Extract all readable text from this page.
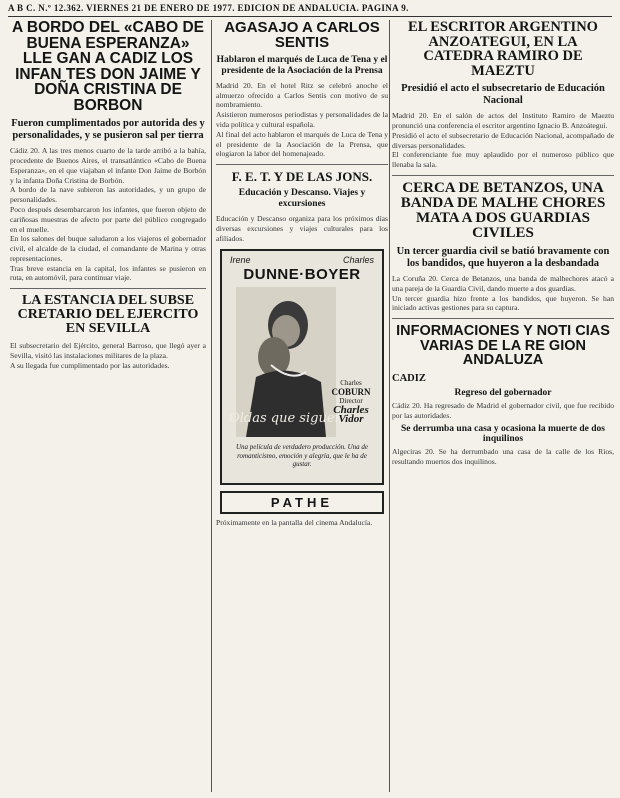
A B C. N.º 12.362. VIERNES 21 DE ENERO DE 1977. EDICION DE ANDALUCIA. PAGINA 9.
A BORDO DEL «CABO DE BUENA ESPERANZA» LLE GAN A CADIZ LOS INFAN TES DON JAIME Y DOÑA CRISTINA DE BORBON
Fueron cumplimentados por autorida des y personalidades, y se pusieron sal per tierra
Cádiz 20. A las tres menos cuarto de la tarde arribó a la bahía, procedente de Buenos Aires, el transatlántico «Cabo de Buena Esperanza», en el que viajaban el infante Don Jaime de Borbón y la infanta Doña Cristina de Borbón.
A bordo de la nave subieron las autoridades, y un grupo de personalidades.
Poco después desembarcaron los infantes, que fueron objeto de cariñosas muestras de afecto por parte del público congregado en el muelle.
En los salones del buque saludaron a los viajeros el gobernador civil, el alcalde de la ciudad, el comandante de Marina y otras representaciones.
Tras breve estancia en la capital, los infantes se pusieron en ruta, en automóvil, para continuar viaje.
LA ESTANCIA DEL SUBSE CRETARIO DEL EJERCITO EN SEVILLA
El subsecretario del Ejército, general Barroso, que llegó ayer a Sevilla, visitó las instalaciones militares de la plaza.
A su llegada fue cumplimentado por las autoridades.
AGASAJO A CARLOS SENTIS
Hablaron el marqués de Luca de Tena y el presidente de la Asociación de la Prensa
Madrid 20. En el hotel Ritz se celebró anoche el almuerzo ofrecido a Carlos Sentís con motivo de su nombramiento.
Asistieron numerosos periodistas y personalidades de la vida política y cultural española.
Al final del acto hablaron el marqués de Luca de Tena y el presidente de la Asociación de la Prensa, que elogiaron la labor del homenajeado.
F. E. T. Y DE LAS JONS.
Educación y Descanso. Viajes y excursiones
Educación y Descanso organiza para los próximos días diversas excursiones y viajes culturales para los afiliados.
Irene	Charles
DUNNE·BOYER
Oldas que siguen
Charles
COBURN
Director
Charles Vidor
Una película de verdadero producción. Una de romanticismo, emoción y alegría, que le ha de gustar.
PATHE
Próximamente en la pantalla del cinema Andalucía.
EL ESCRITOR ARGENTINO ANZOATEGUI, EN LA CATEDRA RAMIRO DE MAEZTU
Presidió el acto el subsecretario de Educación Nacional
Madrid 20. En el salón de actos del Instituto Ramiro de Maeztu pronunció una conferencia el escritor argentino Ignacio B. Anzoátegui.
Presidió el acto el subsecretario de Educación Nacional, acompañado de diversas personalidades.
El conferenciante fue muy aplaudido por el numeroso público que llenaba la sala.
CERCA DE BETANZOS, UNA BANDA DE MALHE CHORES MATA A DOS GUARDIAS CIVILES
Un tercer guardia civil se batió bravamente con los bandidos, que huyeron a la desbandada
La Coruña 20. Cerca de Betanzos, una banda de malhechores atacó a una pareja de la Guardia Civil, dando muerte a dos guardias.
Un tercer guardia hizo frente a los bandidos, que huyeron. Se han iniciado activas gestiones para su captura.
INFORMACIONES Y NOTI CIAS VARIAS DE LA RE GION ANDALUZA
CADIZ
Regreso del gobernador
Cádiz 20. Ha regresado de Madrid el gobernador civil, que fue recibido por las autoridades.
Se derrumba una casa y ocasiona la muerte de dos inquilinos
Algeciras 20. Se ha derrumbado una casa de la calle de los Ríos, resultando muertos dos inquilinos.
